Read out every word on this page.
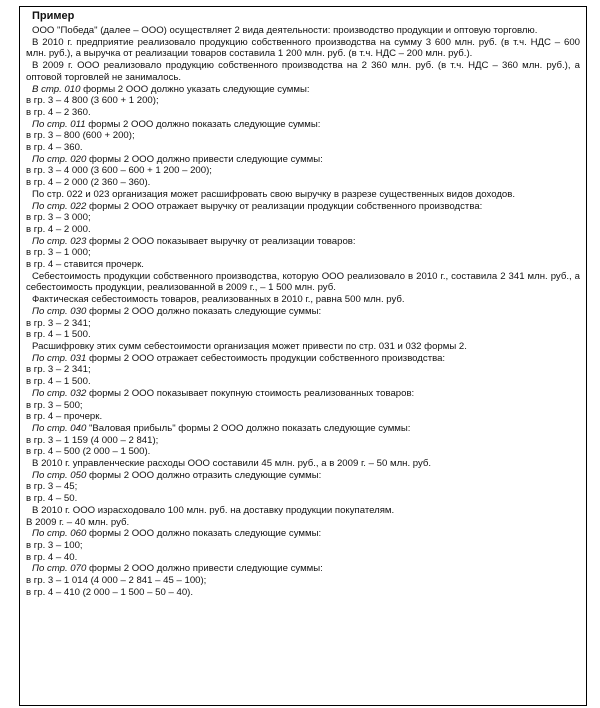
Пример

ООО "Победа" (далее – ООО) осуществляет 2 вида деятельности: производство продукции и оптовую торговлю.

В 2010 г. предприятие реализовало продукцию собственного производства на сумму 3 600 млн. руб. (в т.ч. НДС – 600 млн. руб.), а выручка от реализации товаров составила 1 200 млн. руб. (в т.ч. НДС – 200 млн. руб.).

В 2009 г. ООО реализовало продукцию собственного производства на 2 360 млн. руб. (в т.ч. НДС – 360 млн. руб.), а оптовой торговлей не занималось.

В стр. 010 формы 2 ООО должно указать следующие суммы:

в гр. 3 – 4 800 (3 600 + 1 200);

в гр. 4 – 2 360.

По стр. 011 формы 2 ООО должно показать следующие суммы:

в гр. 3 – 800 (600 + 200);

в гр. 4 – 360.

По стр. 020 формы 2 ООО должно привести следующие суммы:

в гр. 3 – 4 000 (3 600 – 600 + 1 200 – 200);

в гр. 4 – 2 000 (2 360 – 360).

По стр. 022 и 023 организация может расшифровать свою выручку в разрезе существенных видов доходов.

По стр. 022 формы 2 ООО отражает выручку от реализации продукции собственного производства:

в гр. 3 – 3 000;

в гр. 4 – 2 000.

По стр. 023 формы 2 ООО показывает выручку от реализации товаров:

в гр. 3 – 1 000;

в гр. 4 – ставится прочерк.

Себестоимость продукции собственного производства, которую ООО реализовало в 2010 г., составила 2 341 млн. руб., а себестоимость продукции, реализованной в 2009 г., – 1 500 млн. руб.

Фактическая себестоимость товаров, реализованных в 2010 г., равна 500 млн. руб.

По стр. 030 формы 2 ООО должно показать следующие суммы:

в гр. 3 – 2 341;

в гр. 4 – 1 500.

Расшифровку этих сумм себестоимости организация может привести по стр. 031 и 032 формы 2.

По стр. 031 формы 2 ООО отражает себестоимость продукции собственного производства:

в гр. 3 – 2 341;

в гр. 4 – 1 500.

По стр. 032 формы 2 ООО показывает покупную стоимость реализованных товаров:

в гр. 3 – 500;

в гр. 4 – прочерк.

По стр. 040 "Валовая прибыль" формы 2 ООО должно показать следующие суммы:

в гр. 3 – 1 159 (4 000 – 2 841);

в гр. 4 – 500 (2 000 – 1 500).

В 2010 г. управленческие расходы ООО составили 45 млн. руб., а в 2009 г. – 50 млн. руб.

По стр. 050 формы 2 ООО должно отразить следующие суммы:

в гр. 3 – 45;

в гр. 4 – 50.

В 2010 г. ООО израсходовало 100 млн. руб. на доставку продукции покупателям.

В 2009 г. – 40 млн. руб.

По стр. 060 формы 2 ООО должно показать следующие суммы:

в гр. 3 – 100;

в гр. 4 – 40.

По стр. 070 формы 2 ООО должно привести следующие суммы:

в гр. 3 – 1 014 (4 000 – 2 841 – 45 – 100);

в гр. 4 – 410 (2 000 – 1 500 – 50 – 40).
